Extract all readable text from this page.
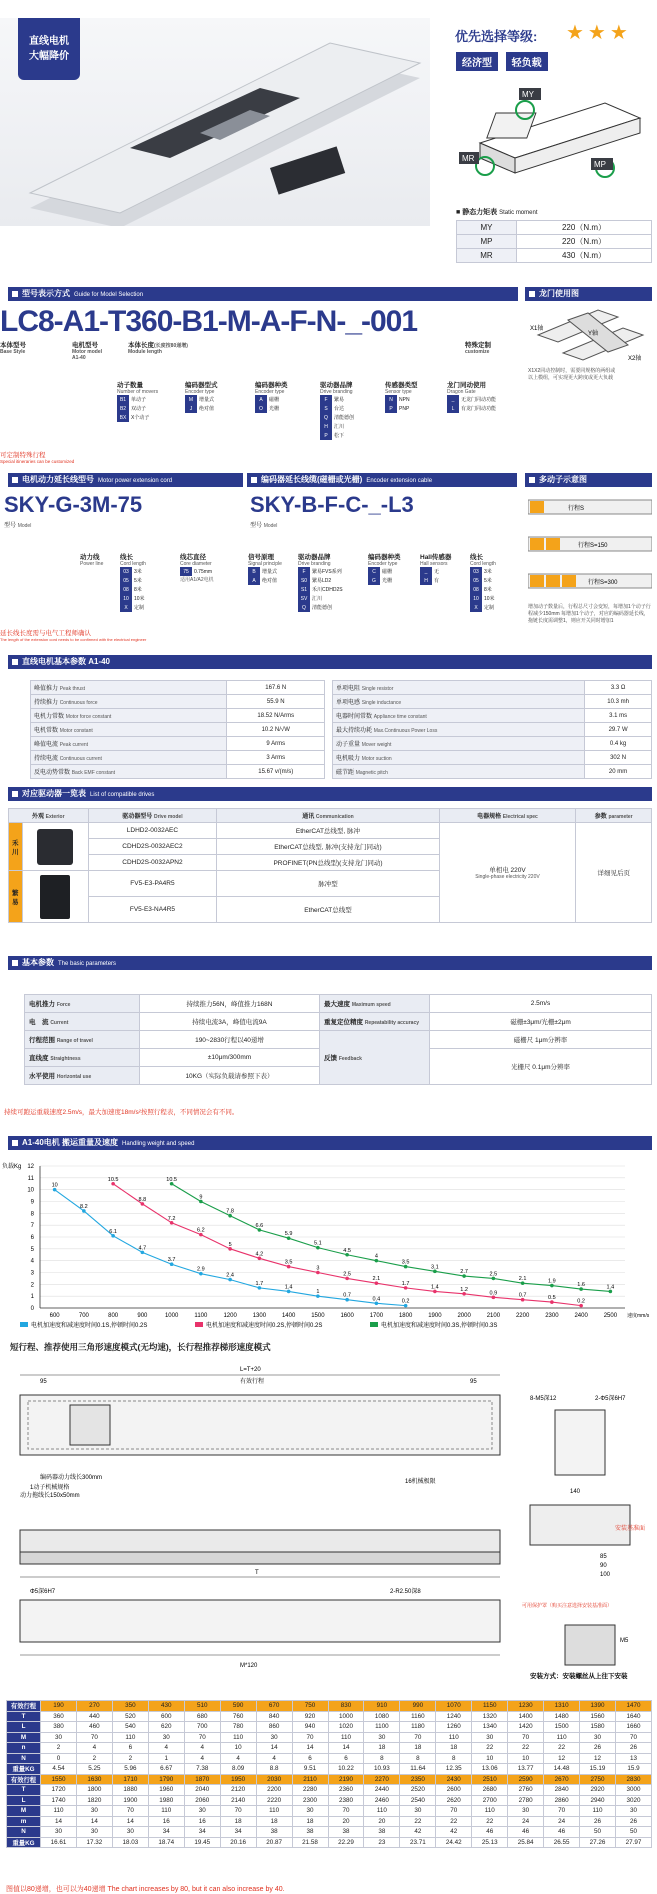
直线电机
大幅降价
优先选择等级: ★★★
经济型 轻负载
MR
MY
MP
■ 静态力矩表 Static moment
MY	220（N.m）
MP	220（N.m）
MR	430（N.m）
型号表示方式 Guide for Model Selection	龙门使用图
LC8-A1-T360-B1-M-A-F-N-_-001
本体型号
Base Style
电机型号
Motor model
A1-40
本体长度(长度按80递增)
Module length
特殊定制
customize
动子数量
Number of movers
B1	单动子
B2	双动子
BX	X个动子
编码器型式
Encoder type
M	增量式
J	绝对值
编码器种类
Encoder type
A	磁栅
O	光栅
驱动器品牌
Drive branding
F	繁易
S	台达
Q	清能德创
H	汇川
P	松下
传感器类型
Sensor type
N	NPN
P	PNP
龙门同动使用
Dragon Gate
_	无龙门同动功能
L	有龙门同动功能
可定制特殊行程
Special itineraries can be customized
X1轴
Y轴
X2轴
X1X2同动控制时，需要同规格的两组或以上模组，可实现更大跨度或更大负载
电机动力延长线型号 Motor power extension cord	编码器延长线缆(磁栅或光栅) Encoder extension cable	多动子示意图
SKY-G-3M-75
型号 Model
动力线
Power line
线长
Cord length
03	3米
05	5米
08	8米
10	10米
X	定制
线芯直径
Core diameter
75	0.75mm
适用A1/A2电机
延长线长度需与电气工程师确认
The length of the extension cord needs to be confirmed with the electrical engineer
SKY-B-F-C-_-L3
型号 Model
信号原理
Signal principle
B	增量式
A	绝对值
驱动器品牌
Drive branding
F	繁易FVS系列
S0	繁易LD2
S1	禾川CDHD2S
SV	汇川
Q	清能德创
编码器种类
Encoder type
C	磁栅
G	光栅
Hall传感器
Hall sensors
_	无
H	有
线长
Cord length
03	3米
05	5米
08	8米
10	10米
X	定制
行程S
行程S=150
行程S=300
增加动子数量后，行程总尺寸会变短，每增加1个动子行程减少150mm 每增加1个动子，对应的编码器延长线，拖链长度需调整1，则应开关同时增加1
直线电机基本参数 A1-40
峰值推力 Peak thrust	167.6 N
持续推力 Continuous force	55.9 N
电机力常数 Motor force constant	18.52 N/Arms
电机常数 Motor constant	10.2 N/√W
峰值电流 Peak current	9 Arms
持续电流 Continuous current	3 Arms
反电动势常数 Back EMF constant	15.67 v/(m/s)
单项电阻 Single resistor	3.3 Ω
单项电感 Single inductance	10.3 mh
电器时间常数 Appliance time constant	3.1 ms
最大持续功耗 Max.Continuous Power Loss	29.7 W
动子重量 Mover weight	0.4 kg
电机吸力 Motor suction	302 N
磁节距 Magnetic pitch	20 mm
对应驱动器一览表 List of compatible drives
外观 Exterior		驱动器型号 Drive model	通讯 Communication	电器规格 Electrical spec	参数 parameter
禾川		LDHD2-0032AEC	EtherCAT总线型, 脉冲	单相电 220V
Single-phase electricity 220V	详细见后页
		CDHD2S-0032AEC2	EtherCAT总线型, 脉冲(支持龙门同动)		
		CDHD2S-0032APN2	PROFINET(PN总线型)(支持龙门同动)		
繁易		FV5-E3-PA4R5	脉冲型		
		FV5-E3-NA4R5	EtherCAT总线型		
基本参数 The basic parameters
电机推力 Force	持续推力56N，峰值推力168N	最大速度 Maximum speed	2.5m/s
电　流 Current	持续电流3A，峰值电流9A	重复定位精度 Repeatability accuracy	磁栅±3μm/光栅±2μm
行程范围 Range of travel	190~2830行程以40递增	反馈 Feedback	磁栅尺 1μm分辨率
直线度 Straightness	±10μm/300mm		光栅尺 0.1μm分辨率
水平使用 Horizontal use	10KG（实际负载请参照下表）		
持续可跑运重载速度2.5m/s，最大加速度18m/s²按照行程表，不同情况会有不同。
A1-40电机 搬运重量及速度 Handling weight and speed
0
1
2
3
4
5
6
7
8
9
10
11
12
600	700	800	900	1000	1100	1200	1300	1400	1500	1600	1700	1800	1900	2000	2100	2200	2300	2400	2500
负载Kg
速度mm/s
10
8.2
6.1
4.7
3.7
2.9
2.4
1.7
1.4
1
0.7
0.4	0.2
电机加速度和减速度时间0.1S,停顿时间0.2S
10.5
8.8
7.2
6.2
5
4.2
3.5
3
2.5
2.1
1.7
1.4	1.2
0.9	0.7	0.5
0.2
电机加速度和减速度时间0.2S,停顿时间0.2S
10.5
9
7.8
6.6
5.9
5.1
4.5
4
3.5
3.1
2.7	2.5
2.1	1.9
1.6	1.4
电机加速度和减速度时间0.3S,停顿时间0.3S
短行程、推荐使用三角形速度模式(无均速)，长行程推荐梯形速度模式
L=T+20
有效行程
95	95
编码器动力线长300mm
1动子机械规格
动力拖线长150x50mm
16机械极限
T
Φ5深6H7	2-R2.50深8
M*120
8-M5深12	2-Φ5深6H7
140
85
90
100
安装基准面
可用保护罩（购买注意选择安装基准面）
M5
安装方式：安装螺丝从上往下安装
有效行程	190	270	350	430	510	590	670	750	830	910	990	1070	1150	1230	1310	1390	1470
T	360	440	520	600	680	760	840	920	1000	1080	1160	1240	1320	1400	1480	1560	1640
L	380	460	540	620	700	780	860	940	1020	1100	1180	1260	1340	1420	1500	1580	1660
M	30	70	110	30	70	110	30	70	110	30	70	110	30	70	110	30	70
n	2	4	6	4	4	10	14	14	14	18	18	18	22	22	22	26	26
N	0	2	2	1	4	4	4	6	6	8	8	8	10	10	12	12	13
重量KG	4.54	5.25	5.96	6.67	7.38	8.09	8.8	9.51	10.22	10.93	11.64	12.35	13.06	13.77	14.48	15.19	15.9
有效行程	1550	1630	1710	1790	1870	1950	2030	2110	2190	2270	2350	2430	2510	2590	2670	2750	2830
T	1720	1800	1880	1960	2040	2120	2200	2280	2360	2440	2520	2600	2680	2760	2840	2920	3000
L	1740	1820	1900	1980	2060	2140	2220	2300	2380	2460	2540	2620	2700	2780	2860	2940	3020
M	110	30	70	110	30	70	110	30	70	110	30	70	110	30	70	110	30
m	14	14	14	16	16	18	18	18	20	20	22	22	22	24	24	26	26
N	30	30	30	34	34	34	38	38	38	38	42	42	46	46	46	50	50
重量KG	16.61	17.32	18.03	18.74	19.45	20.16	20.87	21.58	22.29	23	23.71	24.42	25.13	25.84	26.55	27.26	27.97
图值以80递增，也可以为40递增 The chart increases by 80, but it can also increase by 40.
